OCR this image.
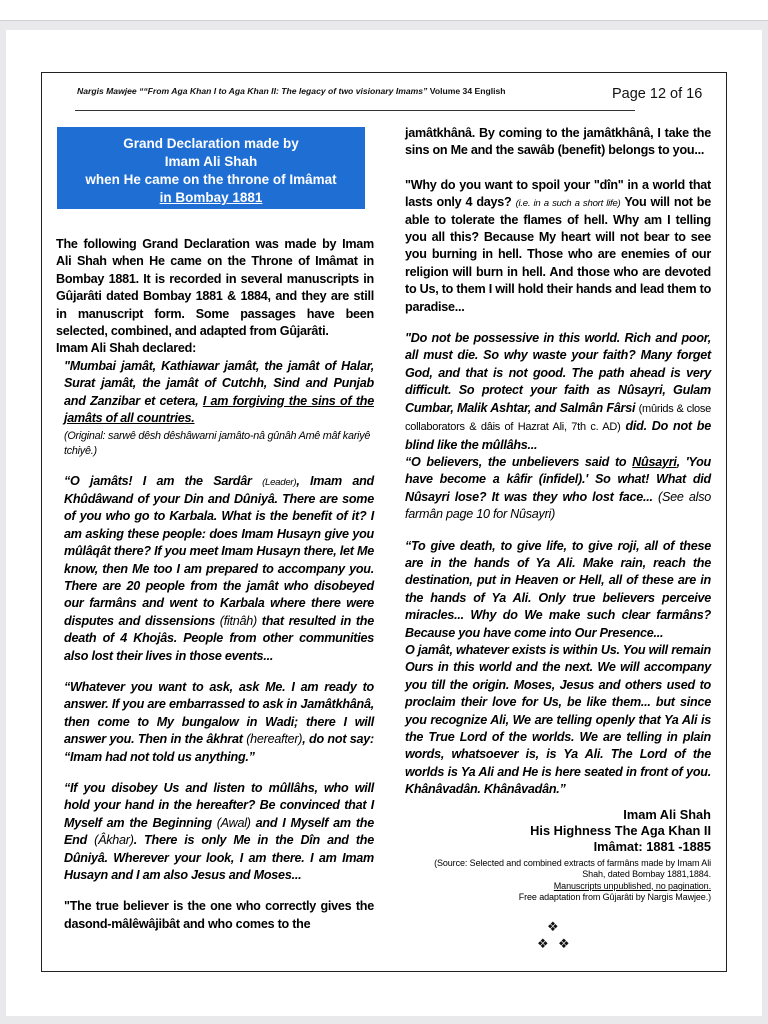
Nargis Mawjee ““From Aga Khan I to Aga Khan II: The legacy of two visionary Imams” Volume 34 English	Page 12 of 16
Grand Declaration made by
Imam Ali Shah
when He came on the throne of Imâmat
in Bombay 1881

The following Grand Declaration was made by Imam Ali Shah when He came on the Throne of Imâmat in Bombay 1881. It is recorded in several manuscripts in Gûjarâti dated Bombay 1881 & 1884, and they are still in manuscript form. Some passages have been selected, combined, and adapted from Gûjarâti.

Imam Ali Shah declared:

"Mumbai jamât, Kathiawar jamât, the jamât of Halar, Surat jamât, the jamât of Cutchh, Sind and Punjab and Zanzibar et cetera, I am forgiving the sins of the jamâts of all countries.

(Original: sarwê dêsh dêshâwarni jamâto-nâ gûnâh Amê mâf kariyê tchiyê.)

“O jamâts! I am the Sardâr (Leader), Imam and Khûdâwand of your Din and Dûniyâ. There are some of you who go to Karbala. What is the benefit of it? I am asking these people: does Imam Husayn give you mûlâqât there? If you meet Imam Husayn there, let Me know, then Me too I am prepared to accompany you. There are 20 people from the jamât who disobeyed our farmâns and went to Karbala where there were disputes and dissensions (fitnâh) that resulted in the death of 4 Khojâs. People from other communities also lost their lives in those events...

“Whatever you want to ask, ask Me. I am ready to answer. If you are embarrassed to ask in Jamâtkhânâ, then come to My bungalow in Wadi; there I will answer you. Then in the âkhrat (hereafter), do not say: “Imam had not told us anything.”

“If you disobey Us and listen to mûllâhs, who will hold your hand in the hereafter? Be convinced that I Myself am the Beginning (Awal) and I Myself am the End (Âkhar). There is only Me in the Dîn and the Dûniyâ. Wherever your look, I am there. I am Imam Husayn and I am also Jesus and Moses...

"The true believer is the one who correctly gives the dasond-mâlêwâjibât and who comes to the

jamâtkhânâ. By coming to the jamâtkhânâ, I take the sins on Me and the sawâb (benefit) belongs to you...

"Why do you want to spoil your "dîn" in a world that lasts only 4 days? (i.e. in a such a short life) You will not be able to tolerate the flames of hell. Why am I telling you all this? Because My heart will not bear to see you burning in hell. Those who are enemies of our religion will burn in hell. And those who are devoted to Us, to them I will hold their hands and lead them to paradise...

"Do not be possessive in this world. Rich and poor, all must die. So why waste your faith? Many forget God, and that is not good. The path ahead is very difficult. So protect your faith as Nûsayri, Gulam Cumbar, Malik Ashtar, and Salmân Fârsi (mûrids & close collaborators & dâis of Hazrat Ali, 7th c. AD) did. Do not be blind like the mûllâhs...

“O believers, the unbelievers said to Nûsayri, 'You have become a kâfir (infidel).' So what! What did Nûsayri lose? It was they who lost face... (See also farmân page 10 for Nûsayri)

“To give death, to give life, to give roji, all of these are in the hands of Ya Ali. Make rain, reach the destination, put in Heaven or Hell, all of these are in the hands of Ya Ali. Only true believers perceive miracles... Why do We make such clear farmâns? Because you have come into Our Presence...

O jamât, whatever exists is within Us. You will remain Ours in this world and the next. We will accompany you till the origin. Moses, Jesus and others used to proclaim their love for Us, be like them... but since you recognize Ali, We are telling openly that Ya Ali is the True Lord of the worlds. We are telling in plain words, whatsoever is, is Ya Ali. The Lord of the worlds is Ya Ali and He is here seated in front of you. Khânâvadân. Khânâvadân.”

Imam Ali Shah
His Highness The Aga Khan II
Imâmat: 1881 -1885
(Source: Selected and combined extracts of farmâns made by Imam Ali
Shah, dated Bombay 1881,1884.
Manuscripts unpublished, no pagination.
Free adaptation from Gûjarâti by Nargis Mawjee.)
❖
❖ ❖
